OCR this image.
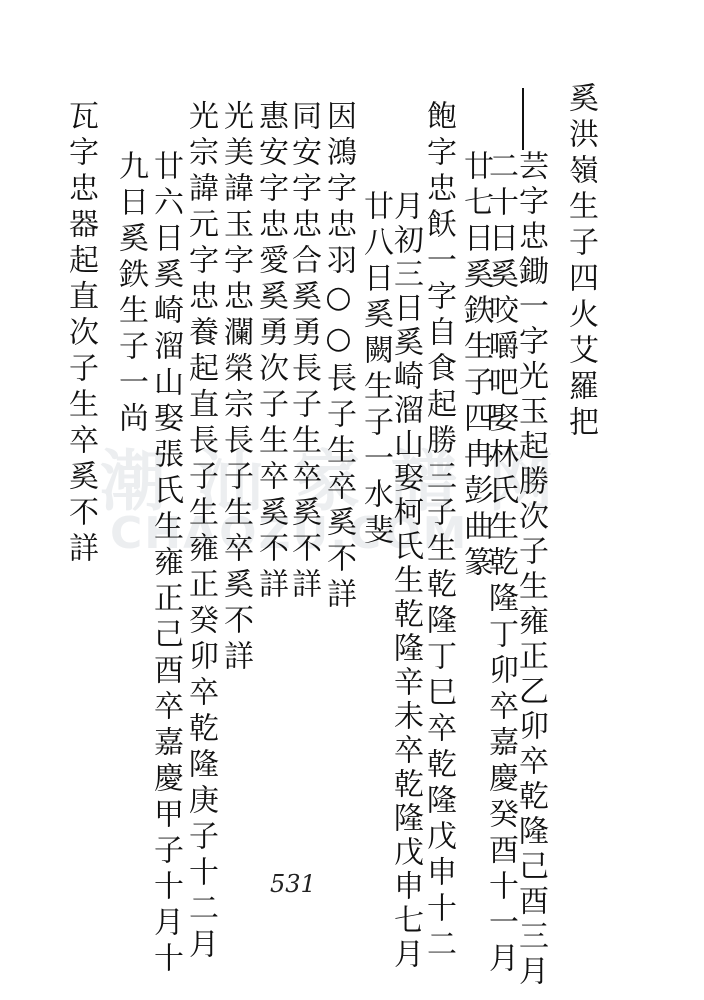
潮 汕 家 譜 网
CHAOZU.COM
奚洪嶺生子四火艾羅把
芸字忠鋤一字光玉起勝次子生雍正乙卯卒乾隆己酉三月
二十日奚咬嚼吧娶林氏生乾隆丁卯卒嘉慶癸酉十一月
廿七日奚鉄生子四冉彭曲篆
飽字忠飫一字自食起勝三子生乾隆丁巳卒乾隆戊申十二
月初三日奚崎溜山娶柯氏生乾隆辛未卒乾隆戊申七月
廿八日奚闕生子一水斐
因鴻字忠羽○○長子生卒奚不詳
同安字忠合奚勇長子生卒奚不詳
惠安字忠愛奚勇次子生卒奚不詳
光美諱玉字忠瀾榮宗長子生卒奚不詳
光宗諱元字忠養起直長子生雍正癸卯卒乾隆庚子十二月
廿六日奚崎溜山娶張氏生雍正己酉卒嘉慶甲子十月十
九日奚鉄生子一尚
瓦字忠器起直次子生卒奚不詳
531
